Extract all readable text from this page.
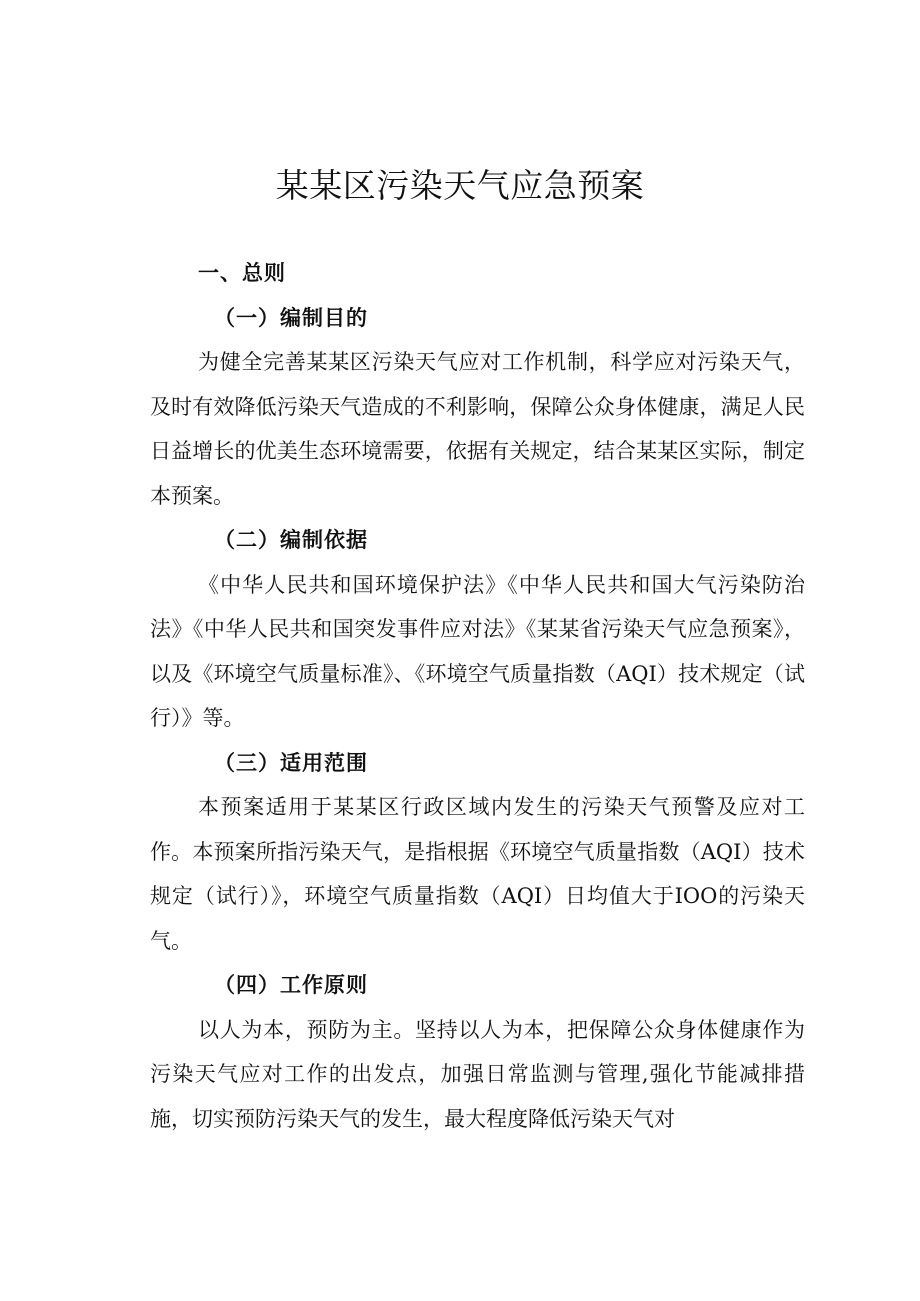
某某区污染天气应急预案
一、总则
（一）编制目的

为健全完善某某区污染天气应对工作机制，科学应对污染天气，及时有效降低污染天气造成的不利影响，保障公众身体健康，满足人民日益增长的优美生态环境需要，依据有关规定，结合某某区实际，制定本预案。

（二）编制依据

《中华人民共和国环境保护法》《中华人民共和国大气污染防治法》《中华人民共和国突发事件应对法》《某某省污染天气应急预案》，以及《环境空气质量标准》、《环境空气质量指数（AQI）技术规定（试行）》等。

（三）适用范围

本预案适用于某某区行政区域内发生的污染天气预警及应对工作。本预案所指污染天气，是指根据《环境空气质量指数（AQI）技术规定（试行）》，环境空气质量指数（AQI）日均值大于IOO的污染天气。

（四）工作原则

以人为本，预防为主。坚持以人为本，把保障公众身体健康作为污染天气应对工作的出发点，加强日常监测与管理,强化节能减排措施，切实预防污染天气的发生，最大程度降低污染天气对
